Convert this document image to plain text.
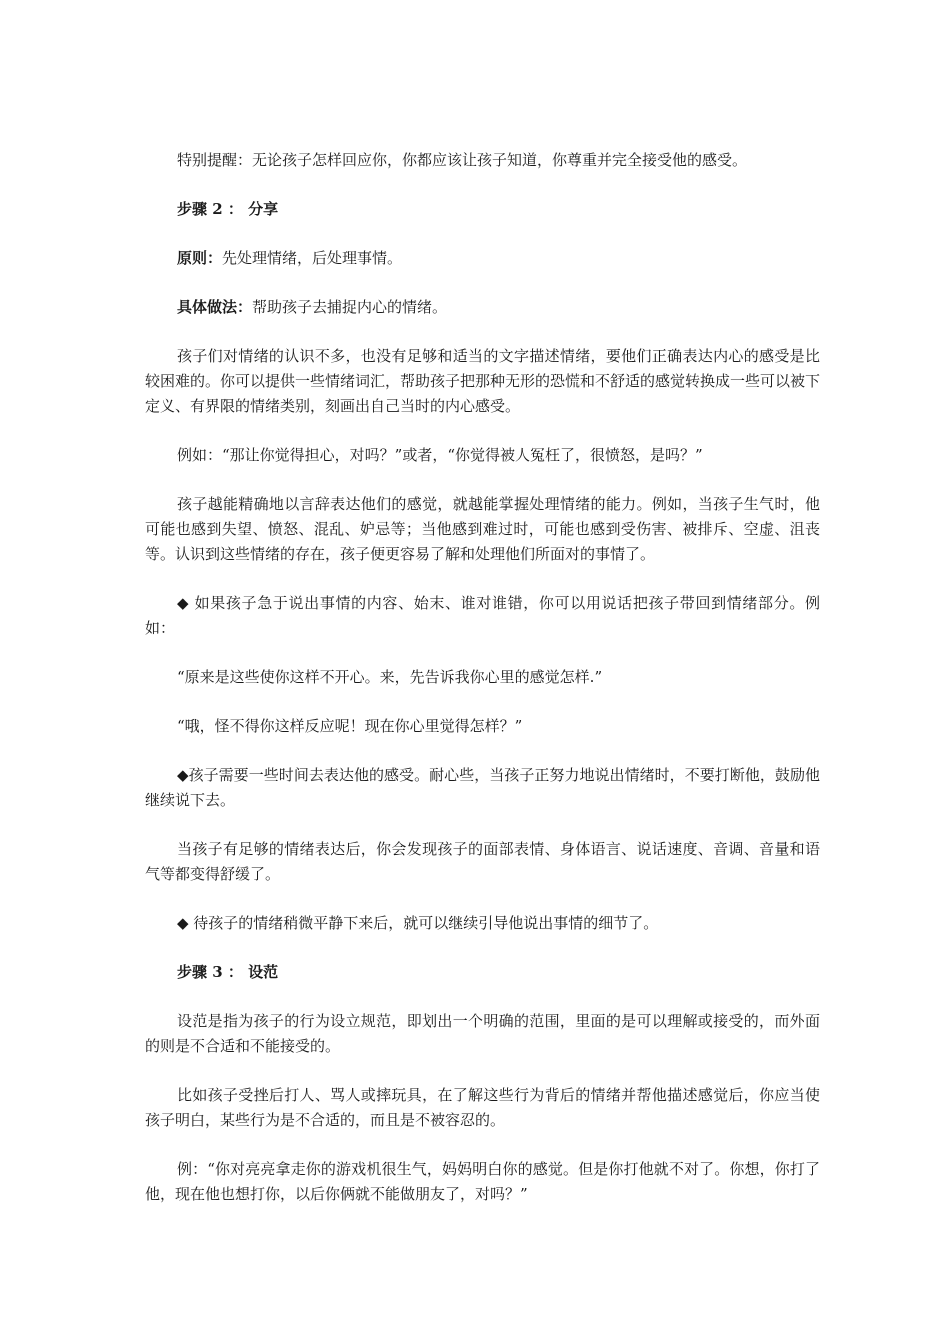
特别提醒：无论孩子怎样回应你，你都应该让孩子知道，你尊重并完全接受他的感受。

步骤 2 ： 分享

原则：先处理情绪，后处理事情。

具体做法：帮助孩子去捕捉内心的情绪。

孩子们对情绪的认识不多，也没有足够和适当的文字描述情绪，要他们正确表达内心的感受是比较困难的。你可以提供一些情绪词汇，帮助孩子把那种无形的恐慌和不舒适的感觉转换成一些可以被下定义、有界限的情绪类别，刻画出自己当时的内心感受。

例如：“那让你觉得担心，对吗？”或者，“你觉得被人冤枉了，很愤怒，是吗？”

孩子越能精确地以言辞表达他们的感觉，就越能掌握处理情绪的能力。例如，当孩子生气时，他可能也感到失望、愤怒、混乱、妒忌等；当他感到难过时，可能也感到受伤害、被排斥、空虚、沮丧等。认识到这些情绪的存在，孩子便更容易了解和处理他们所面对的事情了。

◆ 如果孩子急于说出事情的内容、始末、谁对谁错，你可以用说话把孩子带回到情绪部分。例如：

“原来是这些使你这样不开心。来，先告诉我你心里的感觉怎样.”

“哦，怪不得你这样反应呢！现在你心里觉得怎样？”

◆孩子需要一些时间去表达他的感受。耐心些，当孩子正努力地说出情绪时，不要打断他，鼓励他继续说下去。

当孩子有足够的情绪表达后，你会发现孩子的面部表情、身体语言、说话速度、音调、音量和语气等都变得舒缓了。

◆ 待孩子的情绪稍微平静下来后，就可以继续引导他说出事情的细节了。

步骤 3 ： 设范

设范是指为孩子的行为设立规范，即划出一个明确的范围，里面的是可以理解或接受的，而外面的则是不合适和不能接受的。

比如孩子受挫后打人、骂人或摔玩具，在了解这些行为背后的情绪并帮他描述感觉后，你应当使孩子明白，某些行为是不合适的，而且是不被容忍的。

例：“你对亮亮拿走你的游戏机很生气，妈妈明白你的感觉。但是你打他就不对了。你想，你打了他，现在他也想打你，以后你俩就不能做朋友了，对吗？”
